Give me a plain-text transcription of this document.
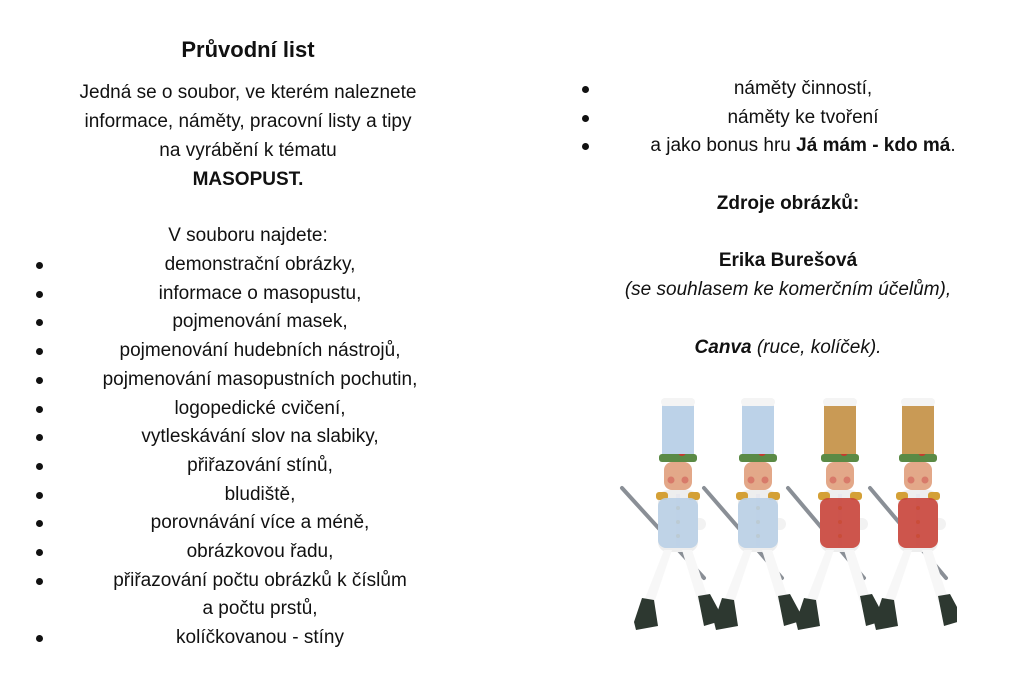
Průvodní list
Jedná se o soubor, ve kterém naleznete
informace, náměty, pracovní listy a tipy
na vyrábění k tématu
MASOPUST.
V souboru najdete:
demonstrační obrázky,
informace o masopustu,
pojmenování masek,
pojmenování hudebních nástrojů,
pojmenování masopustních pochutin,
logopedické cvičení,
vytleskávání slov na slabiky,
přiřazování stínů,
bludiště,
porovnávání více a méně,
obrázkovou řadu,
přiřazování počtu obrázků k číslům
a počtu prstů,
kolíčkovanou - stíny
náměty činností,
náměty ke tvoření
a jako bonus hru Já mám - kdo má.
Zdroje obrázků:
Erika Burešová
(se souhlasem ke komerčním účelům),
Canva (ruce, kolíček).
